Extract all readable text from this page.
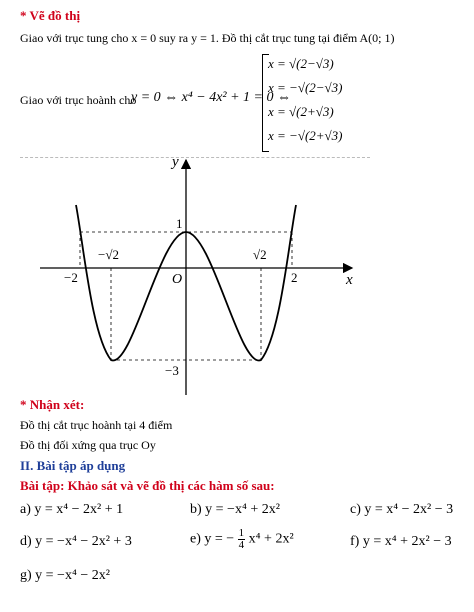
* Vẽ đồ thị
Giao với trục tung cho x = 0 suy ra y = 1. Đồ thị cắt trục tung tại điểm A(0; 1)
Giao với trục hoành cho
y = 0 ⇔ x⁴ − 4x² + 1 = 0 ⇔
x = √(2−√3)
x = −√(2−√3)
x = √(2+√3)
x = −√(2+√3)
y
x
O
−2
−√2	√2
2
1
−3
* Nhận xét:
Đồ thị cắt trục hoành tại 4 điểm
Đồ thị đối xứng qua trục Oy
II. Bài tập áp dụng
Bài tập: Khảo sát và vẽ đồ thị các hàm số sau:
a) y = x⁴ − 2x² + 1	b) y = −x⁴ + 2x²	c) y = x⁴ − 2x² − 3
d) y = −x⁴ − 2x² + 3	e) y = − $\frac{1}{4} x^4 + 2x^2$	f) y = x⁴ + 2x² − 3
g) y = −x⁴ − 2x²
